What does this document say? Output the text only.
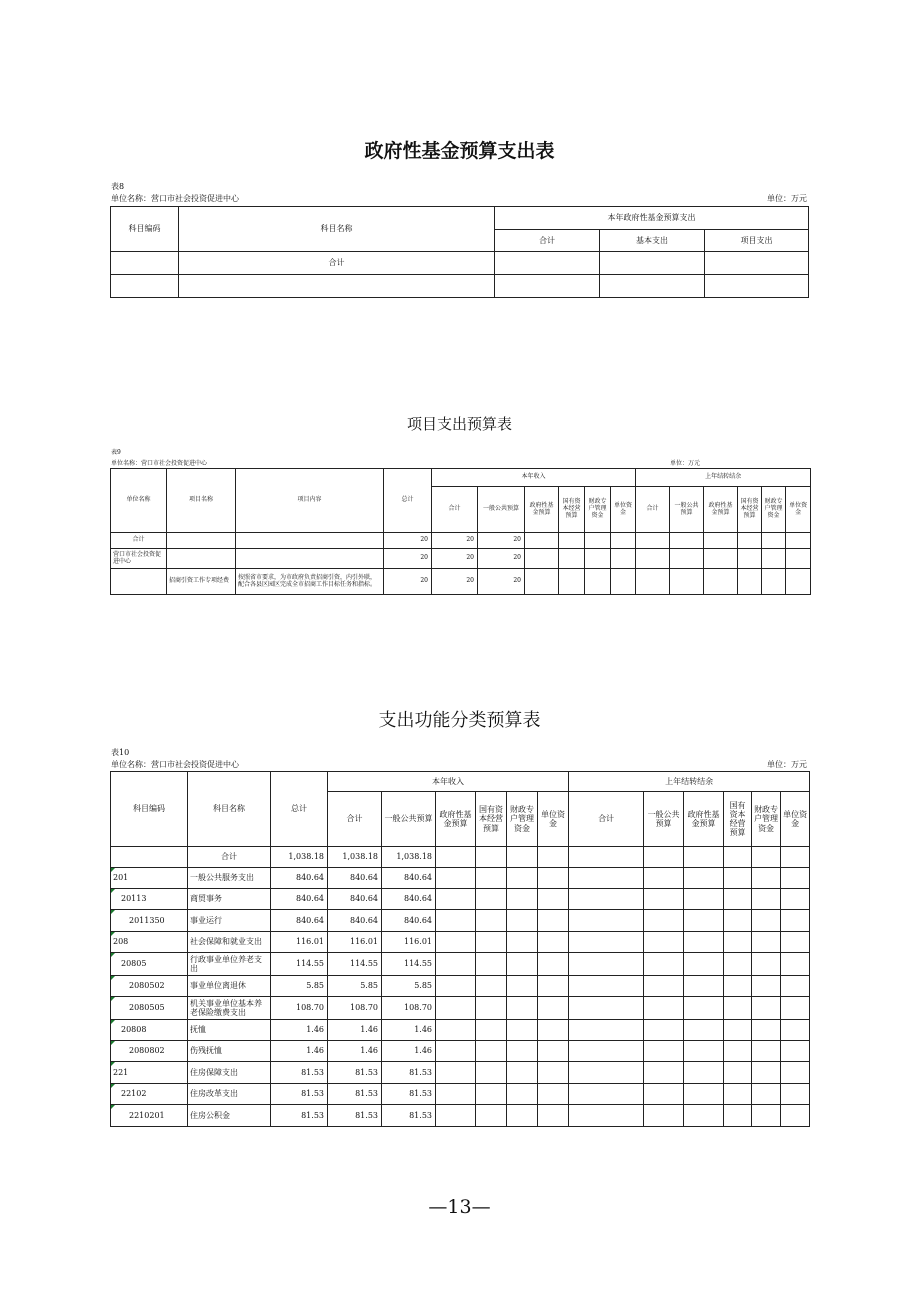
政府性基金预算支出表
表8
单位名称：营口市社会投资促进中心	单位：万元
科目编码	科目名称	本年政府性基金预算支出		
		合计	基本支出	项目支出
	合计			

项目支出预算表
表9
单位名称：营口市社会投资促进中心	单位：万元
单位名称	项目名称	项目内容	总计	本年收入						上年结转结余					
				合计	一般公共预算	政府性基金预算	国有资本经营预算	财政专户管理资金	单位资金	合计	一般公共预算	政府性基金预算	国有资本经营预算	财政专户管理资金	单位资金
合计			20	20	20										
营口市社会投资促进中心			20	20	20										
	招商引资工作专项经费	按照省市要求，为市政府负责招商引资，内引外联，配合各县区园区完成全市招商工作目标任务和指标。	20	20	20										
支出功能分类预算表
表10
单位名称：营口市社会投资促进中心	单位：万元
科目编码	科目名称	总计	本年收入						上年结转结余					
			合计	一般公共预算	政府性基金预算	国有资本经营预算	财政专户管理资金	单位资金	合计	一般公共预算	政府性基金预算	国有资本经营预算	财政专户管理资金	单位资金
	合计	1,038.18	1,038.18	1,038.18										
201	一般公共服务支出	840.64	840.64	840.64										
20113	商贸事务	840.64	840.64	840.64										
2011350	事业运行	840.64	840.64	840.64										
208	社会保障和就业支出	116.01	116.01	116.01										
20805	行政事业单位养老支出	114.55	114.55	114.55										
2080502	事业单位离退休	5.85	5.85	5.85										
2080505	机关事业单位基本养老保险缴费支出	108.70	108.70	108.70										
20808	抚恤	1.46	1.46	1.46										
2080802	伤残抚恤	1.46	1.46	1.46										
221	住房保障支出	81.53	81.53	81.53										
22102	住房改革支出	81.53	81.53	81.53										
2210201	住房公积金	81.53	81.53	81.53										
—13—
